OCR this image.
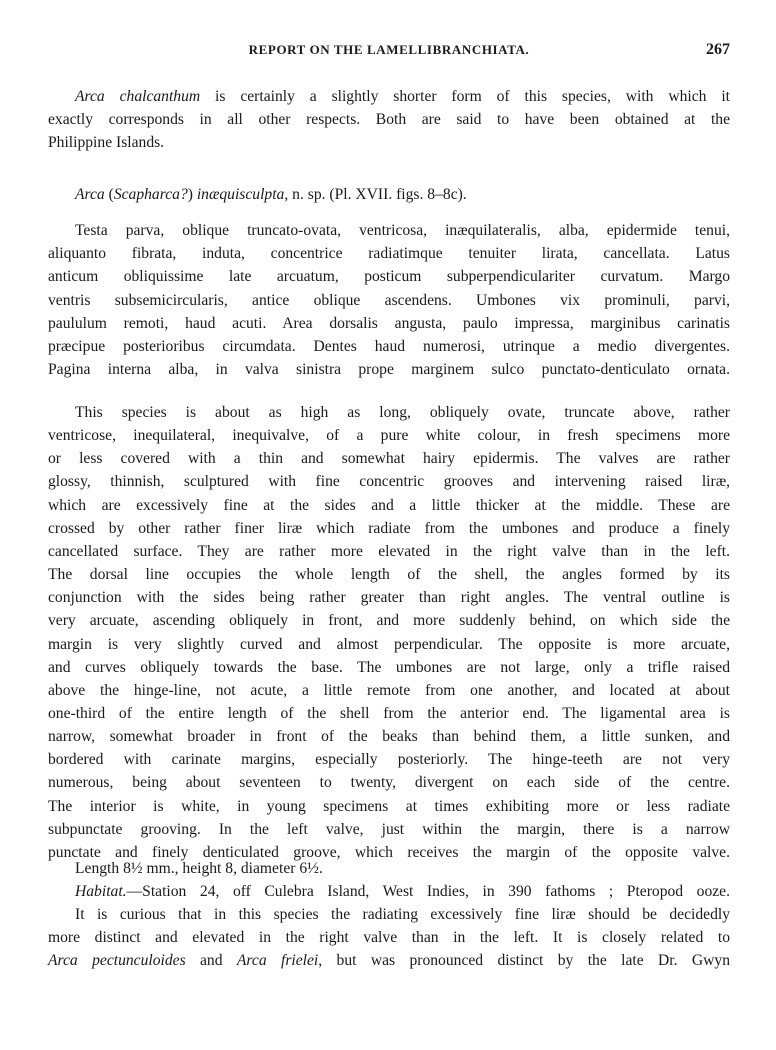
REPORT ON THE LAMELLIBRANCHIATA.	267
Arca chalcanthum is certainly a slightly shorter form of this species, with which it
exactly corresponds in all other respects. Both are said to have been obtained at the
Philippine Islands.
Arca (Scapharca?) inæquisculpta, n. sp. (Pl. XVII. figs. 8–8c).
Testa parva, oblique truncato-ovata, ventricosa, inæquilateralis, alba, epidermide tenui,
aliquanto fibrata, induta, concentrice radiatimque tenuiter lirata, cancellata. Latus
anticum obliquissime late arcuatum, posticum subperpendiculariter curvatum. Margo
ventris subsemicircularis, antice oblique ascendens. Umbones vix prominuli, parvi,
paululum remoti, haud acuti. Area dorsalis angusta, paulo impressa, marginibus carinatis
præcipue posterioribus circumdata. Dentes haud numerosi, utrinque a medio divergentes.
Pagina interna alba, in valva sinistra prope marginem sulco punctato-denticulato ornata.
This species is about as high as long, obliquely ovate, truncate above, rather
ventricose, inequilateral, inequivalve, of a pure white colour, in fresh specimens more
or less covered with a thin and somewhat hairy epidermis. The valves are rather
glossy, thinnish, sculptured with fine concentric grooves and intervening raised liræ,
which are excessively fine at the sides and a little thicker at the middle. These are
crossed by other rather finer liræ which radiate from the umbones and produce a finely
cancellated surface. They are rather more elevated in the right valve than in the left.
The dorsal line occupies the whole length of the shell, the angles formed by its
conjunction with the sides being rather greater than right angles. The ventral outline is
very arcuate, ascending obliquely in front, and more suddenly behind, on which side the
margin is very slightly curved and almost perpendicular. The opposite is more arcuate,
and curves obliquely towards the base. The umbones are not large, only a trifle raised
above the hinge-line, not acute, a little remote from one another, and located at about
one-third of the entire length of the shell from the anterior end. The ligamental area is
narrow, somewhat broader in front of the beaks than behind them, a little sunken, and
bordered with carinate margins, especially posteriorly. The hinge-teeth are not very
numerous, being about seventeen to twenty, divergent on each side of the centre.
The interior is white, in young specimens at times exhibiting more or less radiate
subpunctate grooving. In the left valve, just within the margin, there is a narrow
punctate and finely denticulated groove, which receives the margin of the opposite valve.
Length 8½ mm., height 8, diameter 6½.
Habitat.—Station 24, off Culebra Island, West Indies, in 390 fathoms ; Pteropod ooze.
It is curious that in this species the radiating excessively fine liræ should be decidedly
more distinct and elevated in the right valve than in the left. It is closely related to
Arca pectunculoides and Arca frielei, but was pronounced distinct by the late Dr. Gwyn
